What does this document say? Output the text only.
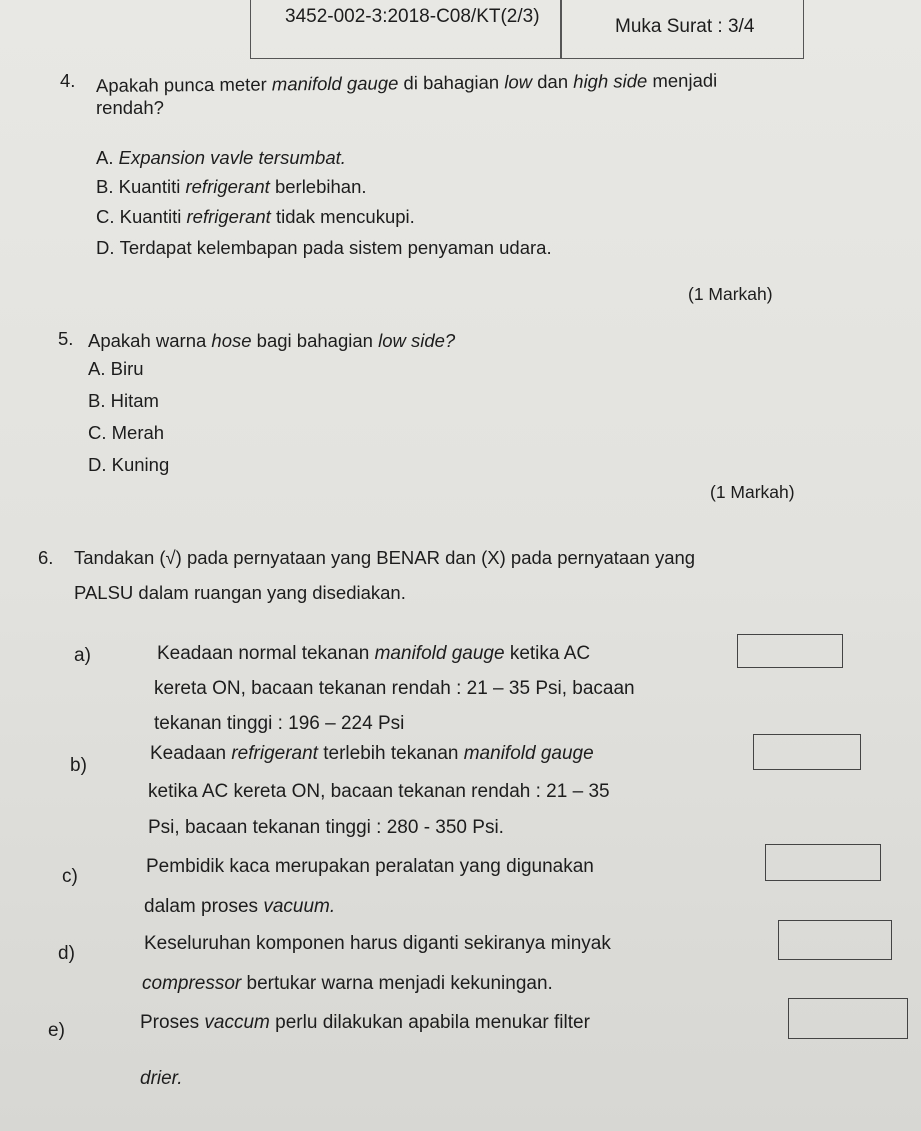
3452-002-3:2018-C08/KT(2/3)	Muka Surat : 3/4
4. Apakah punca meter manifold gauge di bahagian low dan high side menjadi
rendah?
A. Expansion vavle tersumbat.
B. Kuantiti refrigerant berlebihan.
C. Kuantiti refrigerant tidak mencukupi.
D. Terdapat kelembapan pada sistem penyaman udara.
(1 Markah)
5. Apakah warna hose bagi bahagian low side?
A. Biru
B. Hitam
C. Merah
D. Kuning
(1 Markah)
6. Tandakan (√) pada pernyataan yang BENAR dan (X) pada pernyataan yang
PALSU dalam ruangan yang disediakan.
a)	Keadaan normal tekanan manifold gauge ketika AC
kereta ON, bacaan tekanan rendah : 21 – 35 Psi, bacaan
tekanan tinggi : 196 – 224 Psi
b)
Keadaan refrigerant terlebih tekanan manifold gauge
ketika AC kereta ON, bacaan tekanan rendah : 21 – 35
Psi, bacaan tekanan tinggi : 280 - 350 Psi.
c)	Pembidik kaca merupakan peralatan yang digunakan
dalam proses vacuum.
d)	Keseluruhan komponen harus diganti sekiranya minyak
compressor bertukar warna menjadi kekuningan.
e)	Proses vaccum perlu dilakukan apabila menukar filter
drier.
